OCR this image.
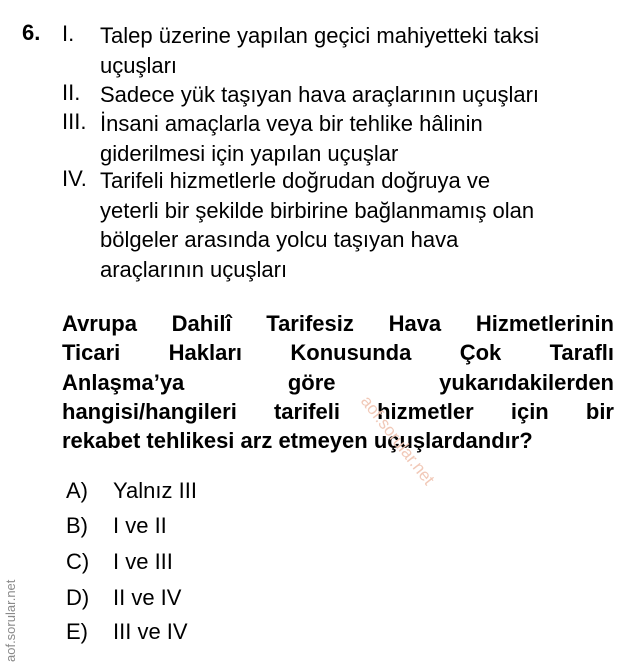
6. I. Talep üzerine yapılan geçici mahiyetteki taksi
uçuşları
II. Sadece yük taşıyan hava araçlarının uçuşları
III. İnsani amaçlarla veya bir tehlike hâlinin
giderilmesi için yapılan uçuşlar
IV. Tarifeli hizmetlerle doğrudan doğruya ve
yeterli bir şekilde birbirine bağlanmamış olan
bölgeler arasında yolcu taşıyan hava
araçlarının uçuşları
Avrupa Dahilî Tarifesiz Hava Hizmetlerinin
Ticari Hakları Konusunda Çok Taraflı
Anlaşma’ya göre yukarıdakilerden
hangisi/hangileri tarifeli hizmetler için bir
rekabet tehlikesi arz etmeyen uçuşlardandır?
A) Yalnız III
B) I ve II
C) I ve III
D) II ve IV
E) III ve IV
aof.sorular.net
aof.sorular.net
